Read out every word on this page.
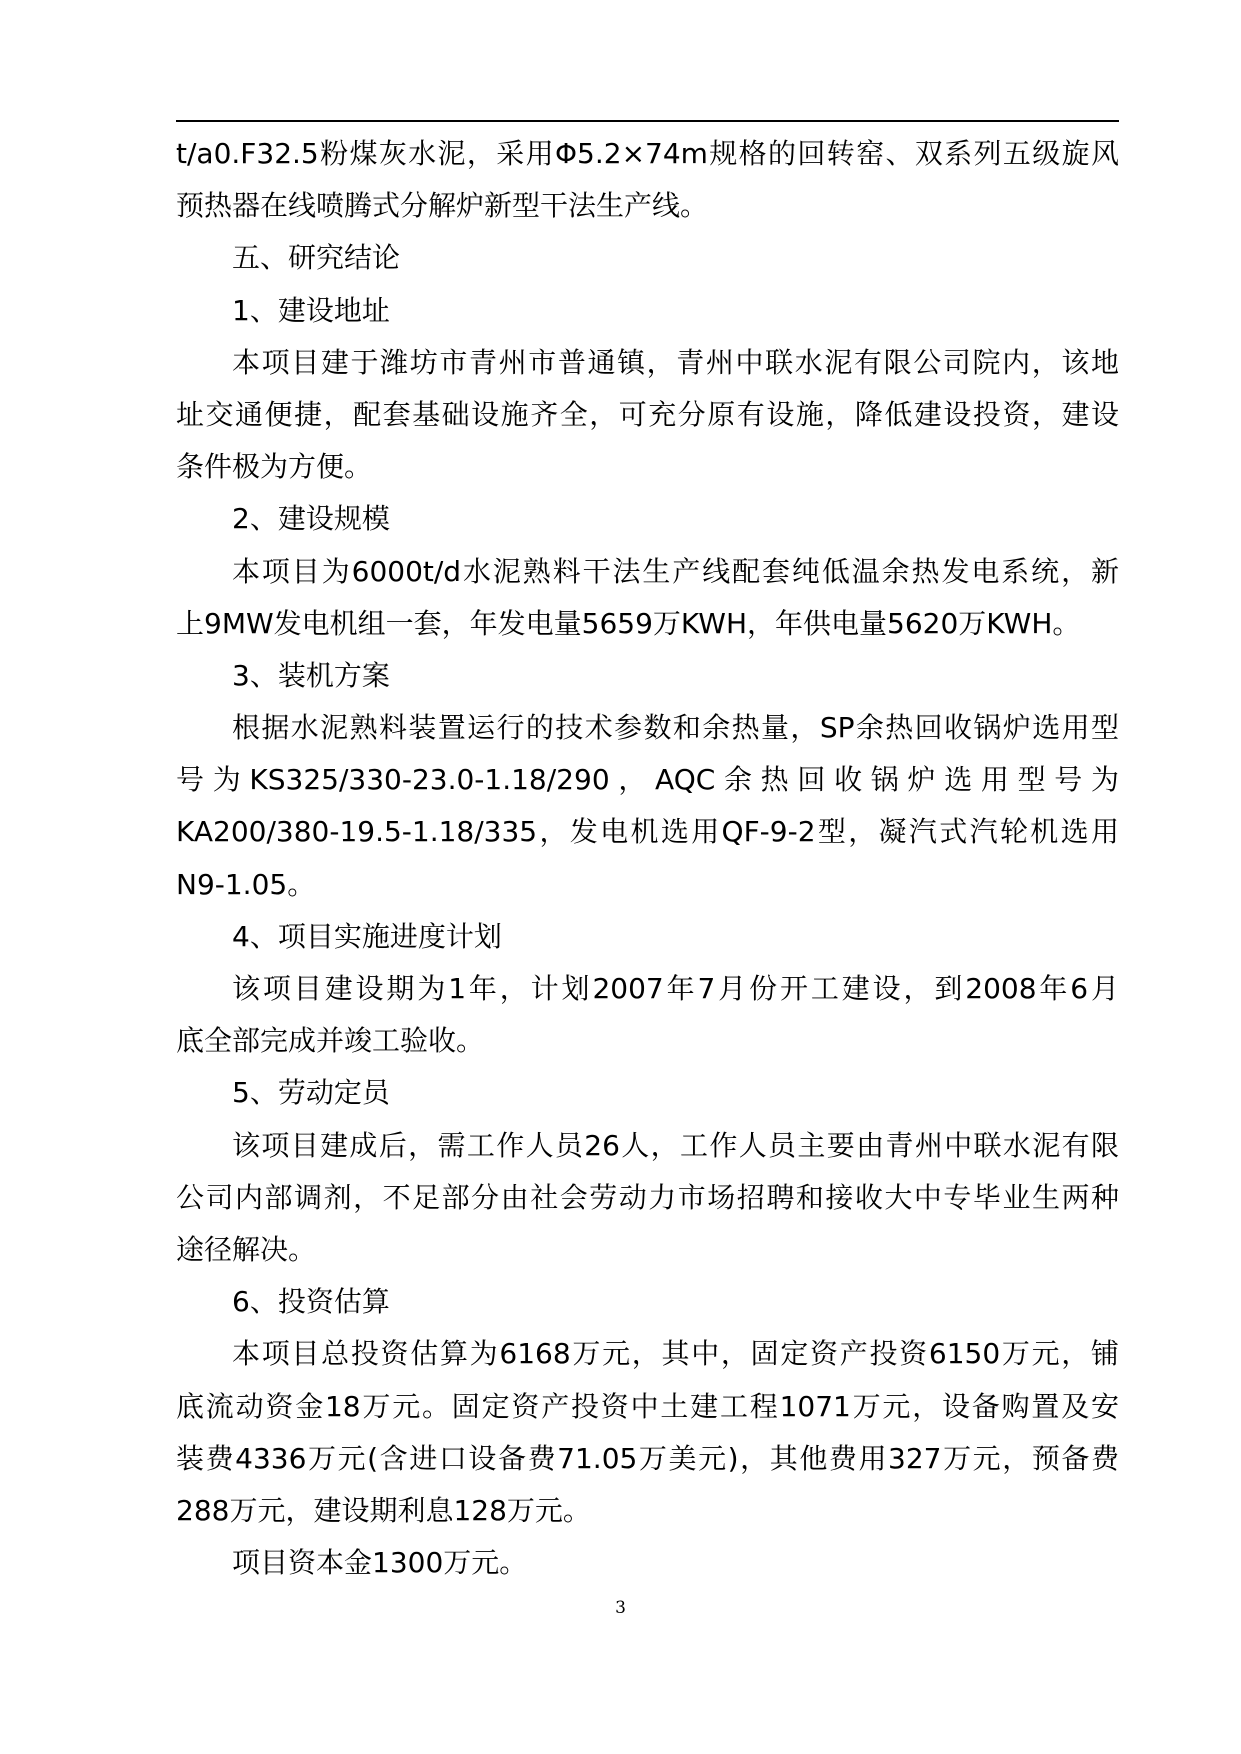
t/a0.F32.5粉煤灰水泥，采用Φ5.2×74m规格的回转窑、双系列五级旋风
预热器在线喷腾式分解炉新型干法生产线。
五、研究结论
1、建设地址
本项目建于潍坊市青州市普通镇，青州中联水泥有限公司院内，该地
址交通便捷，配套基础设施齐全，可充分原有设施，降低建设投资，建设
条件极为方便。
2、建设规模
本项目为6000t/d水泥熟料干法生产线配套纯低温余热发电系统，新
上9MW发电机组一套，年发电量5659万KWH，年供电量5620万KWH。
3、装机方案
根据水泥熟料装置运行的技术参数和余热量，SP余热回收锅炉选用型
号为KS325/330-23.0-1.18/290，AQC余热回收锅炉选用型号为
KA200/380-19.5-1.18/335，发电机选用QF-9-2型，凝汽式汽轮机选用
N9-1.05。
4、项目实施进度计划
该项目建设期为1年，计划2007年7月份开工建设，到2008年6月
底全部完成并竣工验收。
5、劳动定员
该项目建成后，需工作人员26人，工作人员主要由青州中联水泥有限
公司内部调剂，不足部分由社会劳动力市场招聘和接收大中专毕业生两种
途径解决。
6、投资估算
本项目总投资估算为6168万元，其中，固定资产投资6150万元，铺
底流动资金18万元。固定资产投资中土建工程1071万元，设备购置及安
装费4336万元(含进口设备费71.05万美元)，其他费用327万元，预备费
288万元，建设期利息128万元。
项目资本金1300万元。
3
